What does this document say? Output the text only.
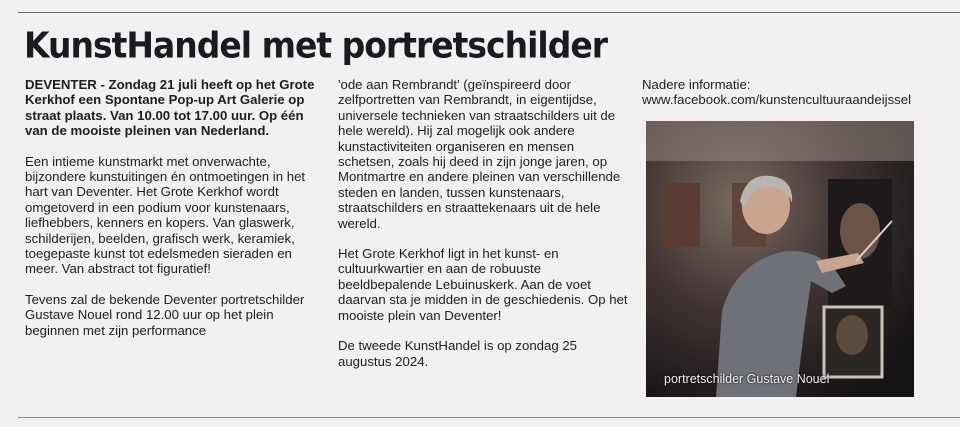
KunstHandel met portretschilder

DEVENTER - Zondag 21 juli heeft op het Grote Kerkhof een Spontane Pop-up Art Galerie op straat plaats. Van 10.00 tot 17.00 uur. Op één van de mooiste pleinen van Nederland.

Een intieme kunstmarkt met onverwachte, bijzondere kunstuitingen én ontmoetingen in het hart van Deventer. Het Grote Kerkhof wordt omgetoverd in een podium voor kunstenaars, liefhebbers, kenners en kopers. Van glaswerk, schilderijen, beelden, grafisch werk, keramiek, toegepaste kunst tot edelsmeden sieraden en meer. Van abstract tot figuratief!

Tevens zal de bekende Deventer portretschilder Gustave Nouel rond 12.00 uur op het plein beginnen met zijn performance

'ode aan Rembrandt' (geïnspireerd door zelfportretten van Rembrandt, in eigentijdse, universele technieken van straatschilders uit de hele wereld). Hij zal mogelijk ook andere kunstactiviteiten organiseren en mensen schetsen, zoals hij deed in zijn jonge jaren, op Montmartre en andere pleinen van verschillende steden en landen, tussen kunstenaars, straatschilders en straattekenaars uit de hele wereld.

Het Grote Kerkhof ligt in het kunst- en cultuurkwartier en aan de robuuste beeldbepalende Lebuinuskerk. Aan de voet daarvan sta je midden in de geschiedenis. Op het mooiste plein van Deventer!

De tweede KunstHandel is op zondag 25 augustus 2024.

Nadere informatie:
www.facebook.com/kunstencultuuraandeijssel
portretschilder Gustave Nouel
